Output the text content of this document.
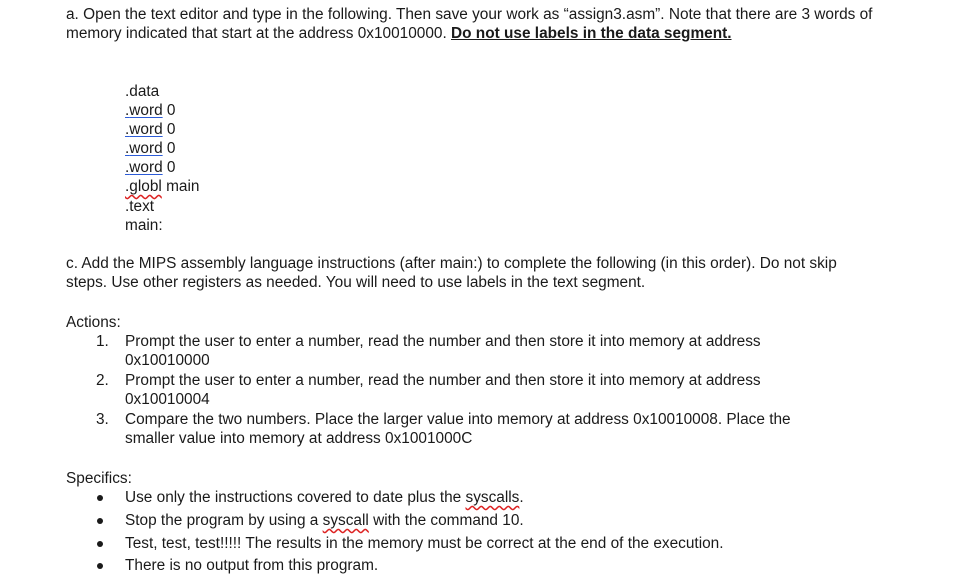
a. Open the text editor and type in the following. Then save your work as “assign3.asm”. Note that there are 3 words of memory indicated that start at the address 0x10010000. Do not use labels in the data segment.
.data
.word 0
.word 0
.word 0
.word 0
.globl main
.text
main:
c. Add the MIPS assembly language instructions (after main:) to complete the following (in this order). Do not skip steps. Use other registers as needed. You will need to use labels in the text segment.
Actions:
1. Prompt the user to enter a number, read the number and then store it into memory at address
0x10010000
2. Prompt the user to enter a number, read the number and then store it into memory at address
0x10010004
3. Compare the two numbers. Place the larger value into memory at address 0x10010008. Place the
smaller value into memory at address 0x1001000C
Specifics:
Use only the instructions covered to date plus the syscalls.
Stop the program by using a syscall with the command 10.
Test, test, test!!!!! The results in the memory must be correct at the end of the execution.
There is no output from this program.
